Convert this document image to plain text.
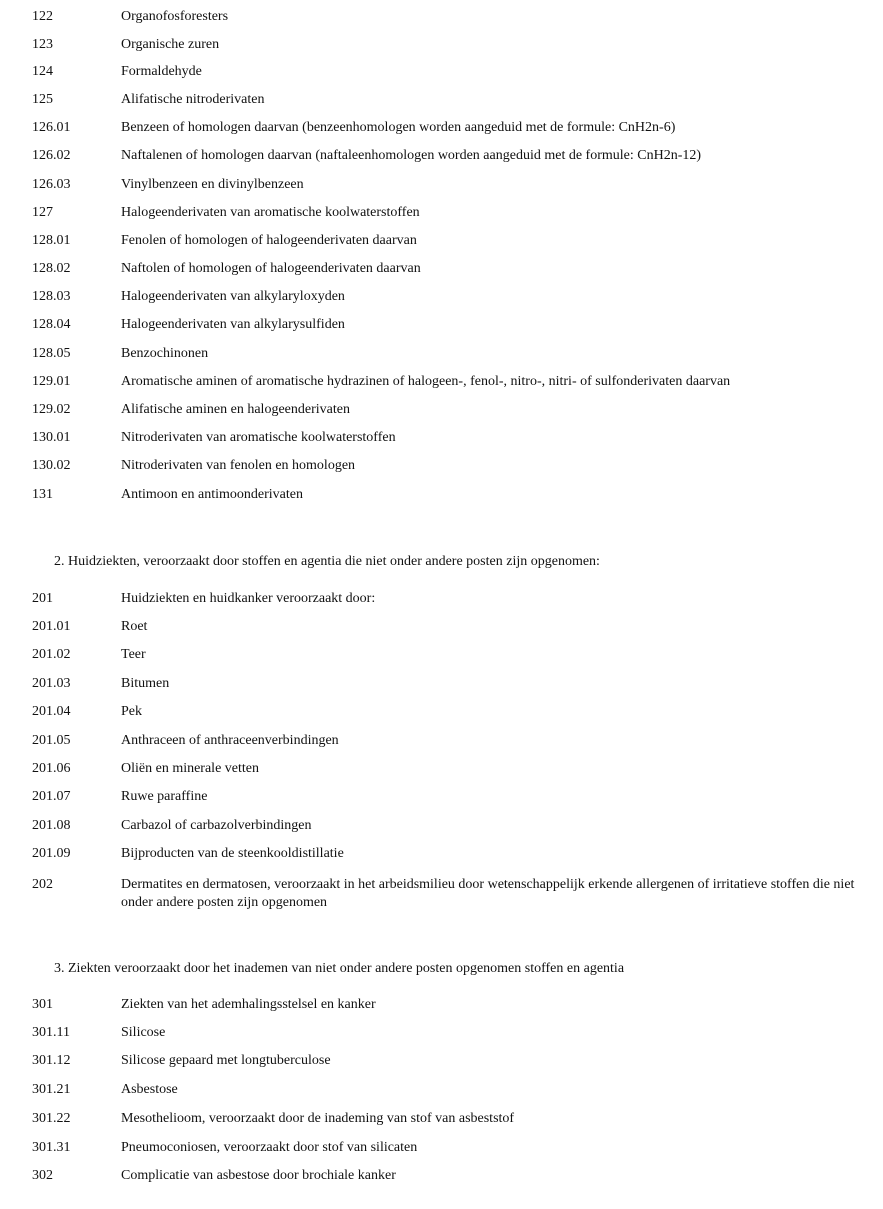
122	Organofosforesters
123	Organische zuren
124	Formaldehyde
125	Alifatische nitroderivaten
126.01	Benzeen of homologen daarvan (benzeenhomologen worden aangeduid met de formule: CnH2n-6)
126.02	Naftalenen of homologen daarvan (naftaleenhomologen worden aangeduid met de formule: CnH2n-12)
126.03	Vinylbenzeen en divinylbenzeen
127	Halogeenderivaten van aromatische koolwaterstoffen
128.01	Fenolen of homologen of halogeenderivaten daarvan
128.02	Naftolen of homologen of halogeenderivaten daarvan
128.03	Halogeenderivaten van alkylaryloxyden
128.04	Halogeenderivaten van alkylarysulfiden
128.05	Benzochinonen
129.01	Aromatische aminen of aromatische hydrazinen of halogeen-, fenol-, nitro-, nitri- of sulfonderivaten daarvan
129.02	Alifatische aminen en halogeenderivaten
130.01	Nitroderivaten van aromatische koolwaterstoffen
130.02	Nitroderivaten van fenolen en homologen
131	Antimoon en antimoonderivaten
2. Huidziekten, veroorzaakt door stoffen en agentia die niet onder andere posten zijn opgenomen:
201	Huidziekten en huidkanker veroorzaakt door:
201.01	Roet
201.02	Teer
201.03	Bitumen
201.04	Pek
201.05	Anthraceen of anthraceenverbindingen
201.06	Oliën en minerale vetten
201.07	Ruwe paraffine
201.08	Carbazol of carbazolverbindingen
201.09	Bijproducten van de steenkooldistillatie
202	Dermatites en dermatosen, veroorzaakt in het arbeidsmilieu door wetenschappelijk erkende allergenen of irritatieve stoffen die niet onder andere posten zijn opgenomen
3. Ziekten veroorzaakt door het inademen van niet onder andere posten opgenomen stoffen en agentia
301	Ziekten van het ademhalingsstelsel en kanker
301.11	Silicose
301.12	Silicose gepaard met longtuberculose
301.21	Asbestose
301.22	Mesothelioom, veroorzaakt door de inademing van stof van asbeststof
301.31	Pneumoconiosen, veroorzaakt door stof van silicaten
302	Complicatie van asbestose door brochiale kanker
